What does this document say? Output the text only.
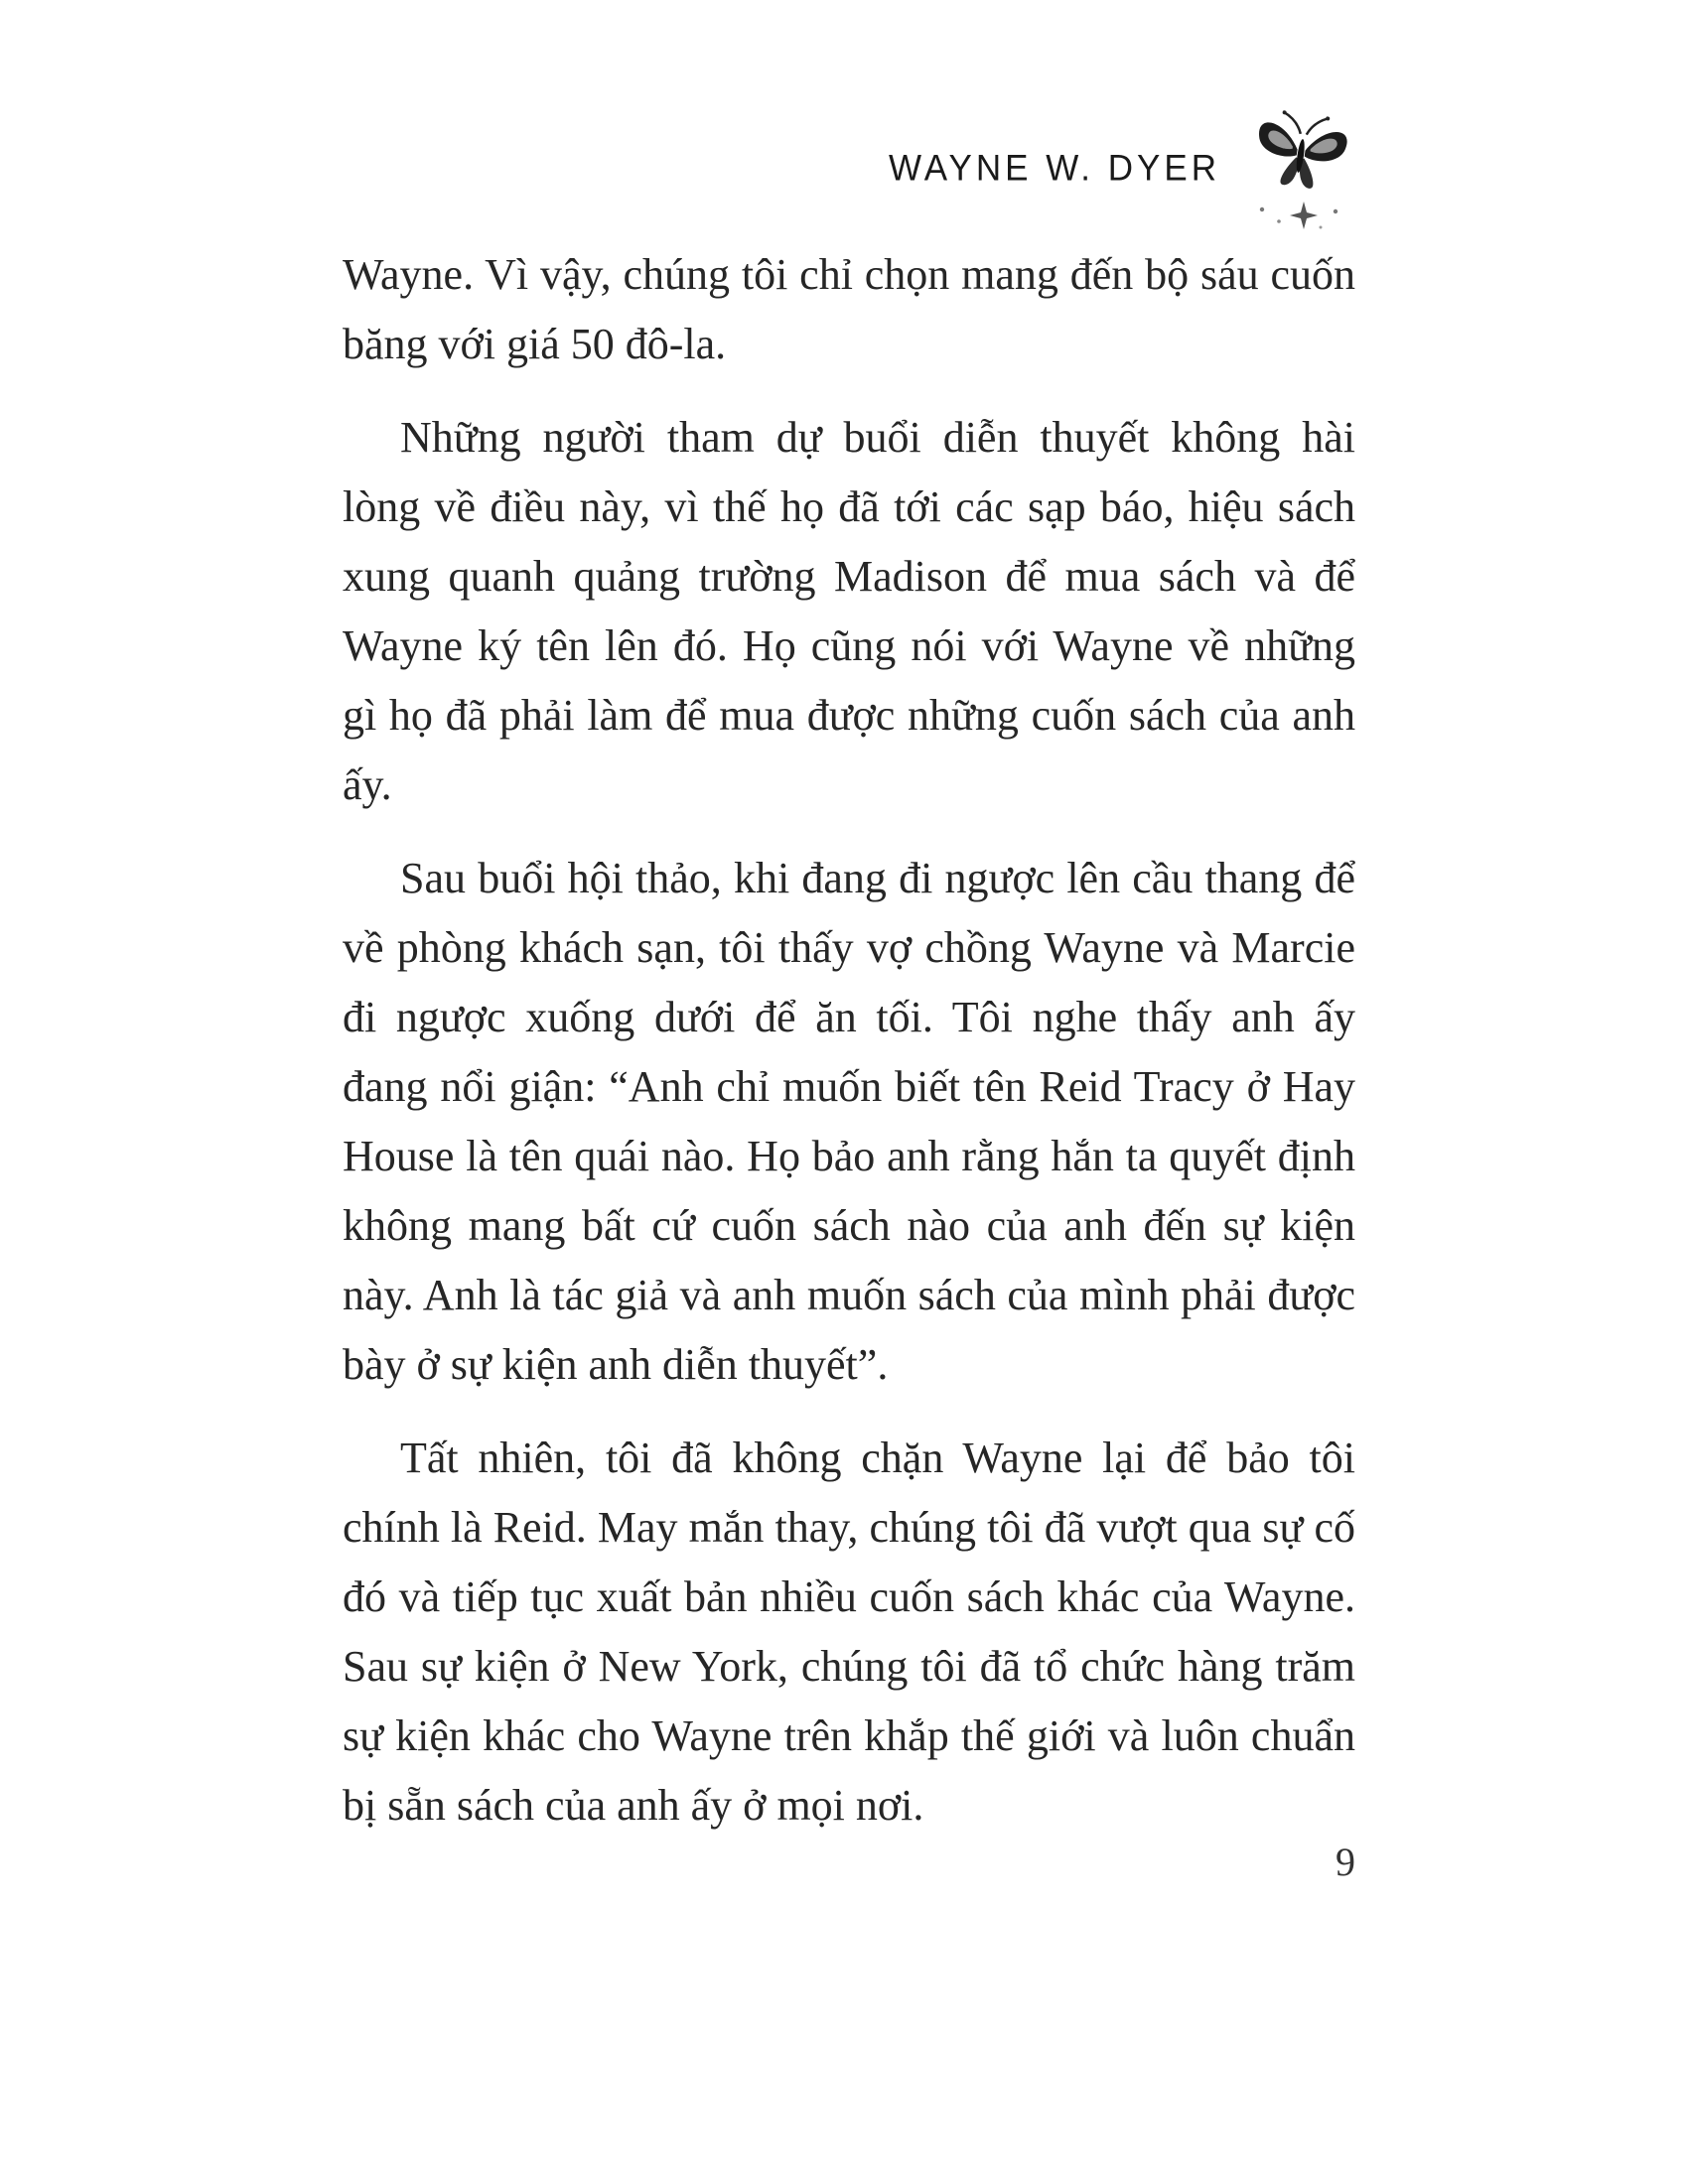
WAYNE W. DYER

Wayne. Vì vậy, chúng tôi chỉ chọn mang đến bộ sáu cuốn băng với giá 50 đô-la.

Những người tham dự buổi diễn thuyết không hài lòng về điều này, vì thế họ đã tới các sạp báo, hiệu sách xung quanh quảng trường Madison để mua sách và để Wayne ký tên lên đó. Họ cũng nói với Wayne về những gì họ đã phải làm để mua được những cuốn sách của anh ấy.

Sau buổi hội thảo, khi đang đi ngược lên cầu thang để về phòng khách sạn, tôi thấy vợ chồng Wayne và Marcie đi ngược xuống dưới để ăn tối. Tôi nghe thấy anh ấy đang nổi giận: “Anh chỉ muốn biết tên Reid Tracy ở Hay House là tên quái nào. Họ bảo anh rằng hắn ta quyết định không mang bất cứ cuốn sách nào của anh đến sự kiện này. Anh là tác giả và anh muốn sách của mình phải được bày ở sự kiện anh diễn thuyết”.

Tất nhiên, tôi đã không chặn Wayne lại để bảo tôi chính là Reid. May mắn thay, chúng tôi đã vượt qua sự cố đó và tiếp tục xuất bản nhiều cuốn sách khác của Wayne. Sau sự kiện ở New York, chúng tôi đã tổ chức hàng trăm sự kiện khác cho Wayne trên khắp thế giới và luôn chuẩn bị sẵn sách của anh ấy ở mọi nơi.

9
